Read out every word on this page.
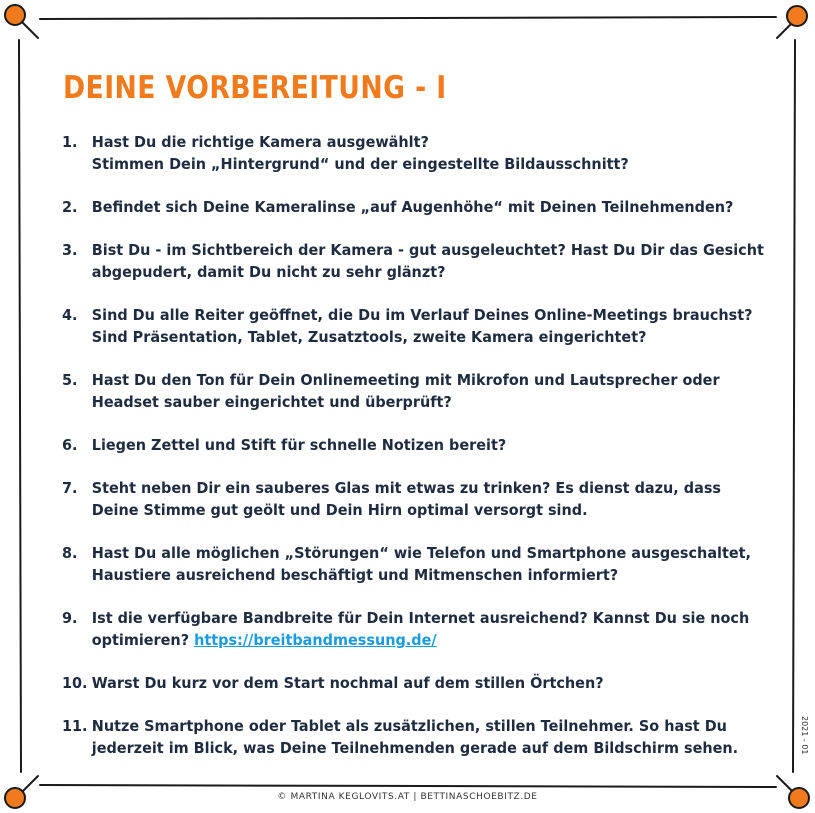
DEINE VORBEREITUNG - I
1. Hast Du die richtige Kamera ausgewählt?
Stimmen Dein „Hintergrund“ und der eingestellte Bildausschnitt?
2. Befindet sich Deine Kameralinse „auf Augenhöhe“ mit Deinen Teilnehmenden?
3. Bist Du - im Sichtbereich der Kamera - gut ausgeleuchtet? Hast Du Dir das Gesicht
abgepudert, damit Du nicht zu sehr glänzt?
4. Sind Du alle Reiter geöffnet, die Du im Verlauf Deines Online-Meetings brauchst?
Sind Präsentation, Tablet, Zusatztools, zweite Kamera eingerichtet?
5. Hast Du den Ton für Dein Onlinemeeting mit Mikrofon und Lautsprecher oder
Headset sauber eingerichtet und überprüft?
6. Liegen Zettel und Stift für schnelle Notizen bereit?
7. Steht neben Dir ein sauberes Glas mit etwas zu trinken? Es dienst dazu, dass
Deine Stimme gut geölt und Dein Hirn optimal versorgt sind.
8. Hast Du alle möglichen „Störungen“ wie Telefon und Smartphone ausgeschaltet,
Haustiere ausreichend beschäftigt und Mitmenschen informiert?
9. Ist die verfügbare Bandbreite für Dein Internet ausreichend? Kannst Du sie noch
optimieren? https://breitbandmessung.de/
10. Warst Du kurz vor dem Start nochmal auf dem stillen Örtchen?
11. Nutze Smartphone oder Tablet als zusätzlichen, stillen Teilnehmer. So hast Du
jederzeit im Blick, was Deine Teilnehmenden gerade auf dem Bildschirm sehen.	2021 - 01
© MARTINA KEGLOVITS.AT | BETTINASCHOEBITZ.DE
